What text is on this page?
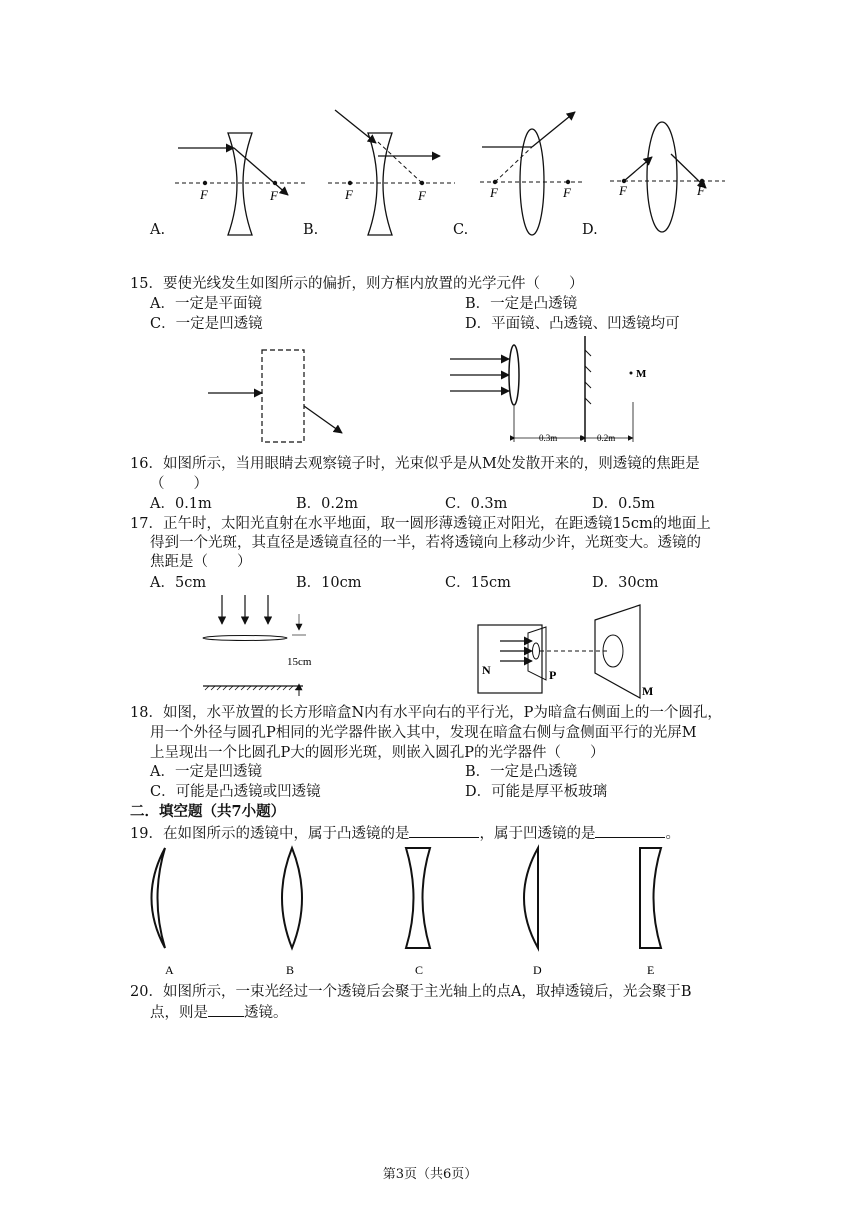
F	F	F	F	F	F	F	F
A.	B.	C.	D.
15．要使光线发生如图所示的偏折，则方框内放置的光学元件（　　）
A．一定是平面镜	B．一定是凸透镜
C．一定是凹透镜	D．平面镜、凸透镜、凹透镜均可
M
0.3m	0.2m
16．如图所示，当用眼睛去观察镜子时，光束似乎是从M处发散开来的，则透镜的焦距是
（　　）
A．0.1m	B．0.2m	C．0.3m	D．0.5m
17．正午时，太阳光直射在水平地面，取一圆形薄透镜正对阳光，在距透镜15cm的地面上
得到一个光斑，其直径是透镜直径的一半，若将透镜向上移动少许，光斑变大。透镜的
焦距是（　　）
A．5cm	B．10cm	C．15cm	D．30cm
15cm
N	P
M
18．如图，水平放置的长方形暗盒N内有水平向右的平行光，P为暗盒右侧面上的一个圆孔，
用一个外径与圆孔P相同的光学器件嵌入其中，发现在暗盒右侧与盒侧面平行的光屏M
上呈现出一个比圆孔P大的圆形光斑，则嵌入圆孔P的光学器件（　　）
A．一定是凹透镜	B．一定是凸透镜
C．可能是凸透镜或凹透镜	D．可能是厚平板玻璃
二．填空题（共7小题）
19．在如图所示的透镜中，属于凸透镜的是	，属于凹透镜的是	。
A	B	C	D	E
20．如图所示，一束光经过一个透镜后会聚于主光轴上的点A，取掉透镜后，光会聚于B
点，则是 透镜。
第3页（共6页）
